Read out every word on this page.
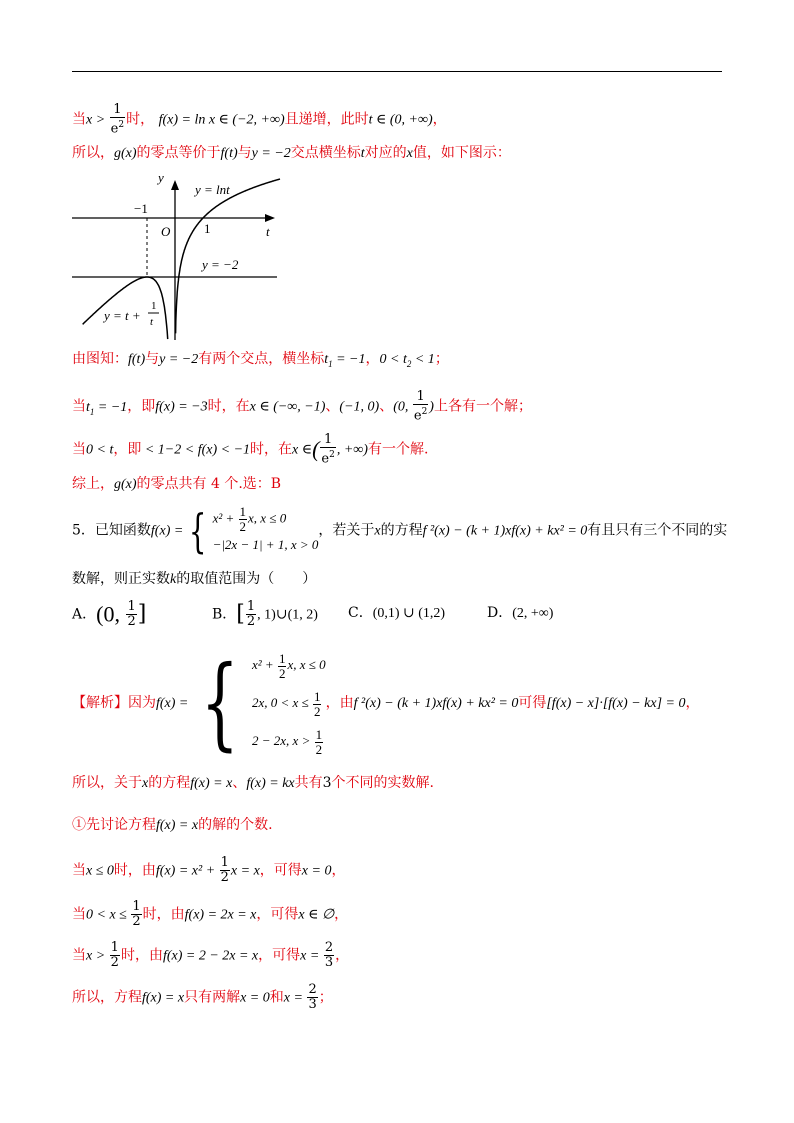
当$x > \frac{1}{e^2}$ 时， f(x) = ln x ∈ (−2, +∞)且递增，此时t ∈ (0, +∞)，
所以，g(x)的零点等价于f(t)与y = −2交点横坐标t对应的x值，如下图示：
y
t
O
−1
1
y = lnt
y = −2
y = t +
1
t
由图知：f(t)与y = −2有两个交点，横坐标$t_1 = -1$，$0 < t_2 < 1$；
当$t_1 = -1$，即f(x) = −3时，在x ∈ (−∞, −1)、(−1, 0)、(0, $\frac{1}{e^2}$ )上各有一个解；
当0 < t，即 < 1−2 < f(x) < −1时，在x ∈( $\frac{1}{e^2}$ , +∞)有一个解.
综上，g(x)的零点共有 4 个.选：B
5．已知函数f(x) = { $x^2 + \frac{1}{2} x$, x ≤ 0
−|2x − 1| + 1, x > 0
，若关于x的方程f ²(x) − (k + 1)xf(x) + kx² = 0有且只有三个不同的实
数解，则正实数k的取值范围为（　　）
A．(0, $\frac{1}{2}$ ]	B．[ $\frac{1}{2}$ , 1)∪(1, 2) C．(0,1) ∪ (1,2)	D．(2, +∞)
【解析】因为f(x) = { $x^2 + \frac{1}{2} x$, x ≤ 0
2x, $0 < x \le \frac{1}{2}$
2 − 2x, $x > \frac{1}{2}$
，由f ²(x) − (k + 1)xf(x) + kx² = 0可得[f(x) − x]·[f(x) − kx] = 0，
所以，关于x的方程f(x) = x、f(x) = kx共有3个不同的实数解.
①先讨论方程f(x) = x的解的个数.
当x ≤ 0时，由$f(x) = x^2 + \frac{1}{2}$ x = x，可得x = 0，
当$0 < x \le \frac{1}{2}$ 时，由f(x) = 2x = x，可得x ∈ ∅，
当$x > \frac{1}{2}$ 时，由f(x) = 2 − 2x = x，可得$x = \frac{2}{3}$ ，
所以，方程f(x) = x只有两解x = 0和$x = \frac{2}{3}$ ；
